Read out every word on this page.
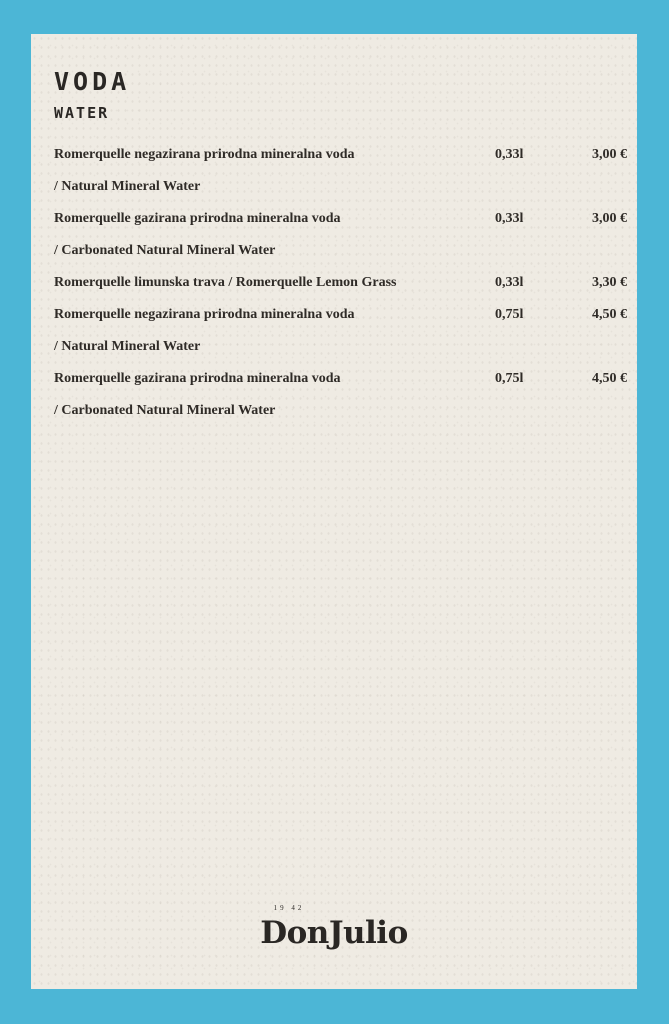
VODA
WATER
Romerquelle negazirana prirodna mineralna voda	0,33l	3,00 €
/ Natural Mineral Water
Romerquelle gazirana prirodna mineralna voda	0,33l	3,00 €
/ Carbonated Natural Mineral Water
Romerquelle limunska trava / Romerquelle Lemon Grass	0,33l	3,30 €
Romerquelle negazirana prirodna mineralna voda	0,75l	4,50 €
/ Natural Mineral Water
Romerquelle gazirana prirodna mineralna voda	0,75l	4,50 €
/ Carbonated Natural Mineral Water
19 42
DonJulio
